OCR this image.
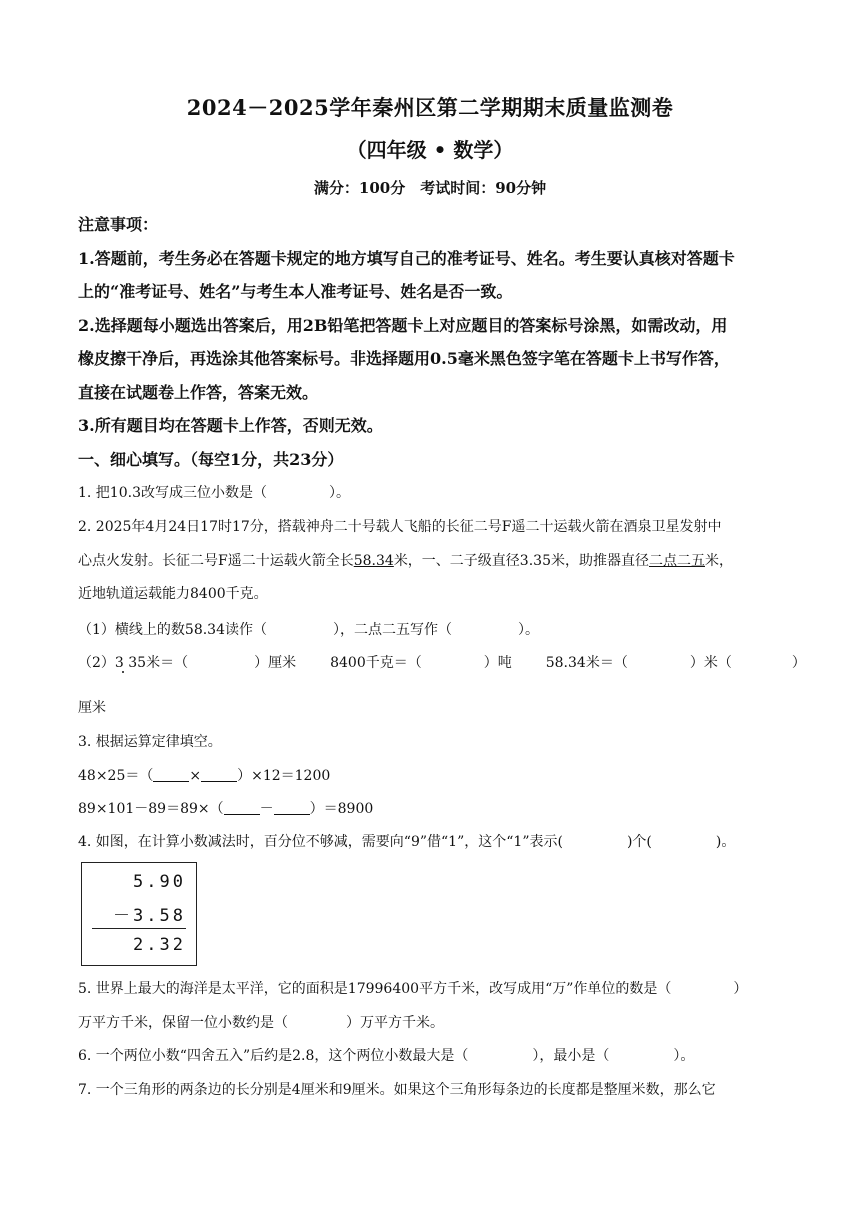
2024－2025学年秦州区第二学期期末质量监测卷
（四年级 • 数学）
满分：100分　考试时间：90分钟
注意事项：
1.答题前，考生务必在答题卡规定的地方填写自己的准考证号、姓名。考生要认真核对答题卡
上的“准考证号、姓名”与考生本人准考证号、姓名是否一致。
2.选择题每小题选出答案后，用2B铅笔把答题卡上对应题目的答案标号涂黑，如需改动，用
橡皮擦干净后，再选涂其他答案标号。非选择题用0.5毫米黑色签字笔在答题卡上书写作答，
直接在试题卷上作答，答案无效。
3.所有题目均在答题卡上作答，否则无效。
一、细心填写。（每空1分，共23分）
1. 把10.3改写成三位小数是（	）。
2. 2025年4月24日17时17分，搭载神舟二十号载人飞船的长征二号F遥二十运载火箭在酒泉卫星发射中
心点火发射。长征二号F遥二十运载火箭全长58.34米，一、二子级直径3.35米，助推器直径二点二五米，
近地轨道运载能力8400千克。
（1）横线上的数58.34读作（	），二点二五写作（	）。
（2）3 35米＝（	）厘米 8400千克＝（	）吨 58.34米＝（	）米（	）
厘米
3. 根据运算定律填空。
48×25＝（	×	）×12＝1200
89×101－89＝89×（	－	）＝8900
4. 如图，在计算小数减法时，百分位不够减，需要向“9”借“1”，这个“1”表示(	)个(	)。
5.90
－3.58
2.32
5. 世界上最大的海洋是太平洋，它的面积是17996400平方千米，改写成用“万”作单位的数是（	）
万平方千米，保留一位小数约是（	）万平方千米。
6. 一个两位小数“四舍五入”后约是2.8，这个两位小数最大是（	），最小是（	）。
7. 一个三角形的两条边的长分别是4厘米和9厘米。如果这个三角形每条边的长度都是整厘米数，那么它
